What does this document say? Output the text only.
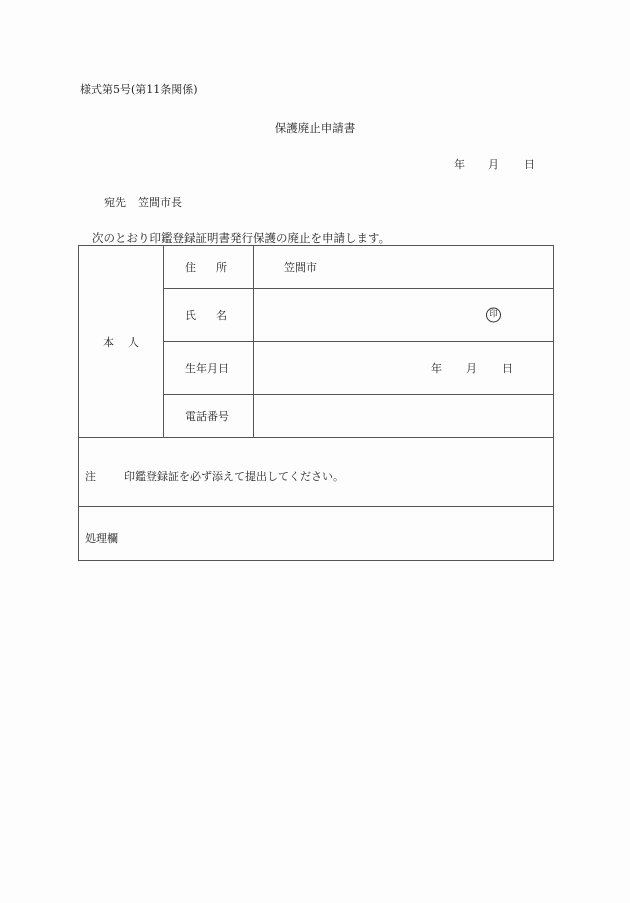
様式第5号(第11条関係)
保護廃止申請書
年 月 日
宛先 笠間市長
次のとおり印鑑登録証明書発行保護の廃止を申請します。
本人	住所	笠間市
	氏名	印

	生年月日	年 月 日

	電話番号	
注 印鑑登録証を必ず添えて提出してください。		
処理欄		
